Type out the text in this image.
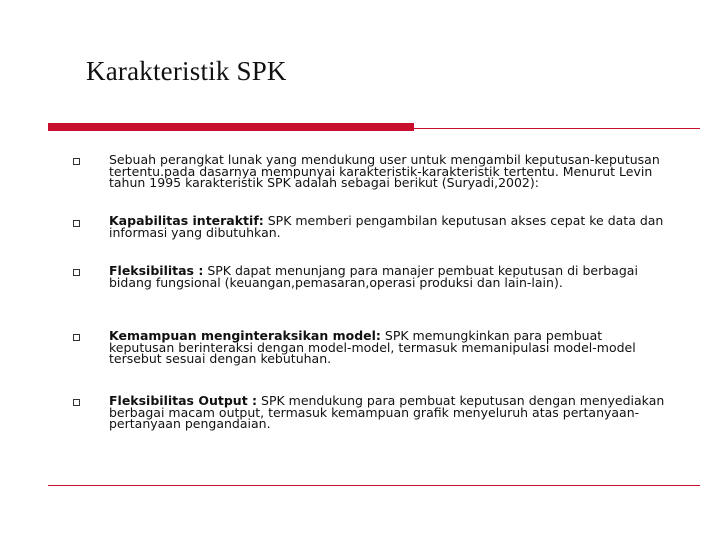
Karakteristik SPK
Sebuah perangkat lunak yang mendukung user untuk mengambil keputusan-keputusan tertentu.pada dasarnya mempunyai karakteristik-karakteristik tertentu. Menurut Levin tahun 1995 karakteristik SPK adalah sebagai berikut (Suryadi,2002):
Kapabilitas interaktif: SPK memberi pengambilan keputusan akses cepat ke data dan informasi yang dibutuhkan.
Fleksibilitas : SPK dapat menunjang para manajer pembuat keputusan di berbagai bidang fungsional (keuangan,pemasaran,operasi produksi dan lain-lain).
Kemampuan menginteraksikan model: SPK memungkinkan para pembuat keputusan berinteraksi dengan model-model, termasuk memanipulasi model-model tersebut sesuai dengan kebutuhan.
Fleksibilitas Output : SPK mendukung para pembuat keputusan dengan menyediakan berbagai macam output, termasuk kemampuan grafik menyeluruh atas pertanyaan-pertanyaan pengandaian.
